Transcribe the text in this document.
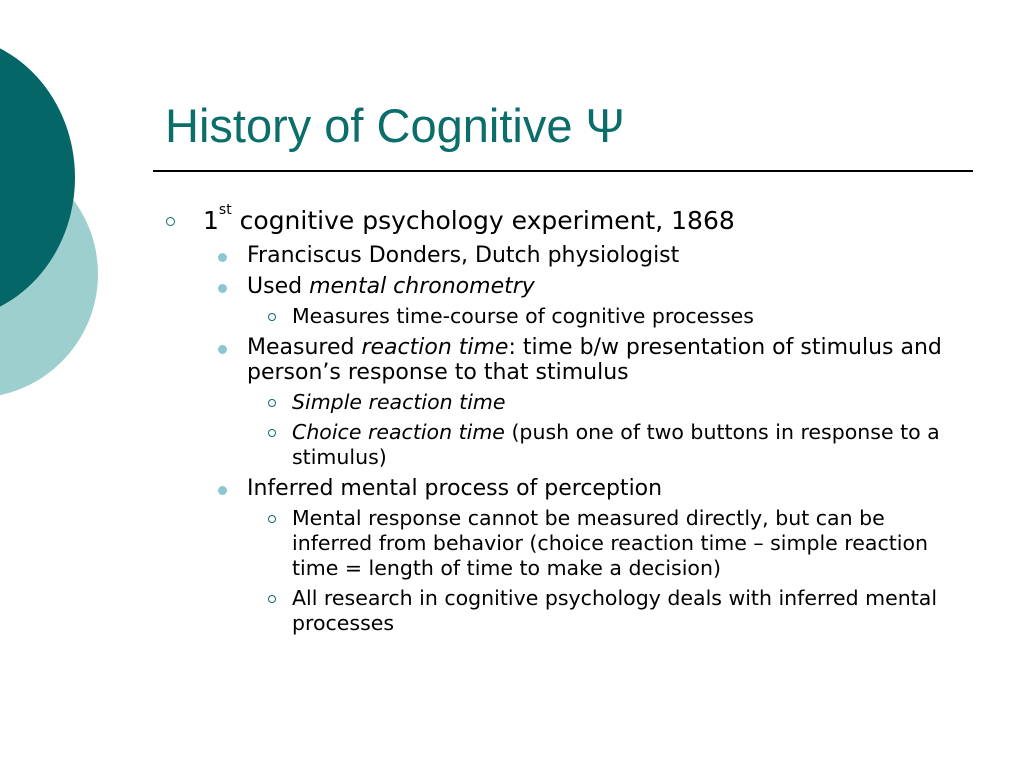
History of Cognitive Ψ
1st cognitive psychology experiment, 1868
Franciscus Donders, Dutch physiologist
Used mental chronometry
Measures time-course of cognitive processes
Measured reaction time: time b/w presentation of stimulus and person’s response to that stimulus
Simple reaction time
Choice reaction time (push one of two buttons in response to a stimulus)
Inferred mental process of perception
Mental response cannot be measured directly, but can be inferred from behavior (choice reaction time – simple reaction time = length of time to make a decision)
All research in cognitive psychology deals with inferred mental processes
